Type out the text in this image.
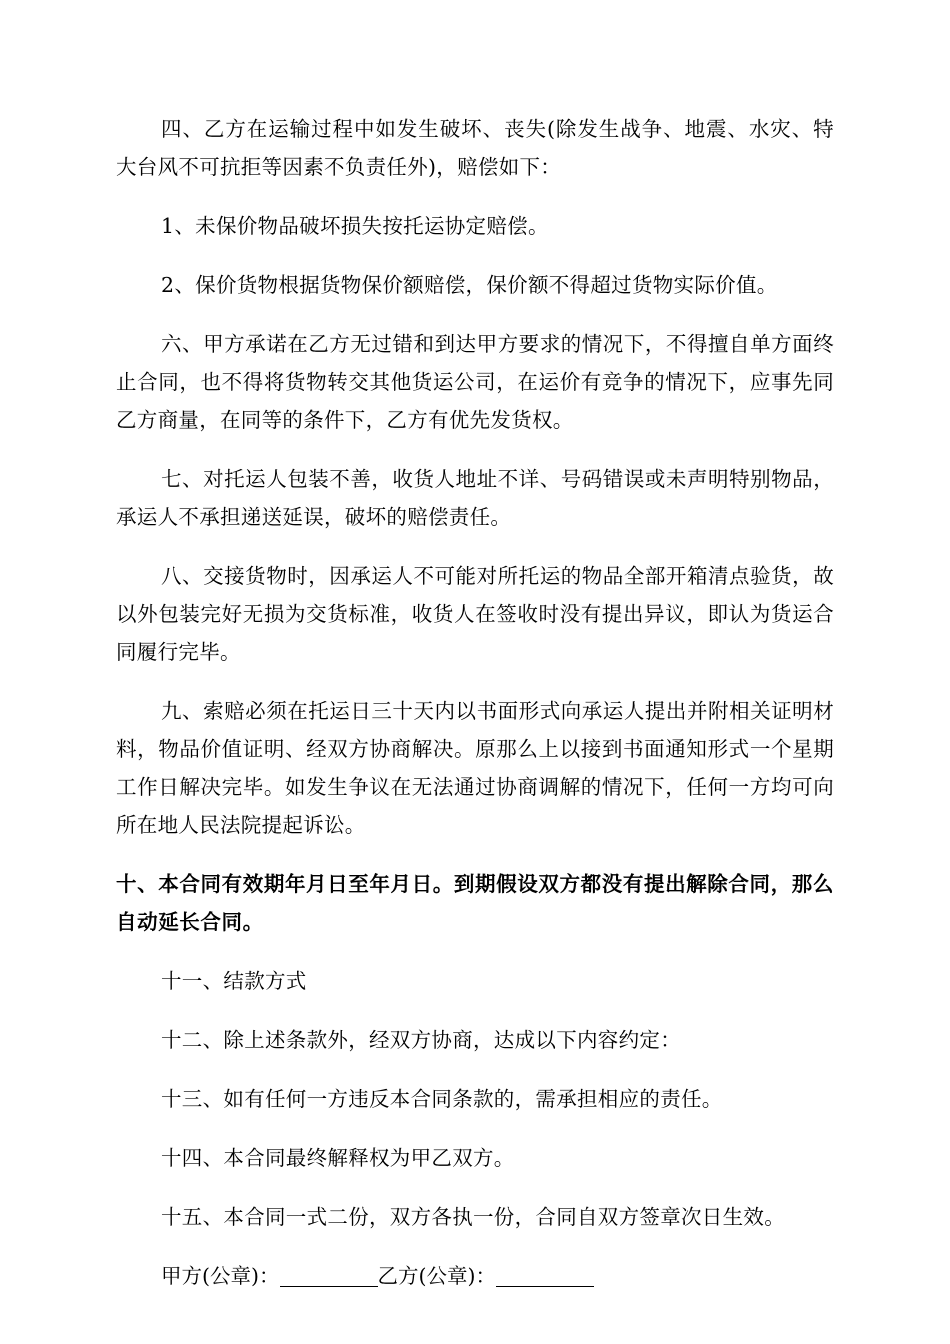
四、乙方在运输过程中如发生破坏、丧失(除发生战争、地震、水灾、特大台风不可抗拒等因素不负责任外)，赔偿如下：

1、未保价物品破坏损失按托运协定赔偿。

2、保价货物根据货物保价额赔偿，保价额不得超过货物实际价值。

六、甲方承诺在乙方无过错和到达甲方要求的情况下，不得擅自单方面终止合同，也不得将货物转交其他货运公司，在运价有竞争的情况下，应事先同乙方商量，在同等的条件下，乙方有优先发货权。

七、对托运人包装不善，收货人地址不详、号码错误或未声明特别物品，承运人不承担递送延误，破坏的赔偿责任。

八、交接货物时，因承运人不可能对所托运的物品全部开箱清点验货，故以外包装完好无损为交货标准，收货人在签收时没有提出异议，即认为货运合同履行完毕。

九、索赔必须在托运日三十天内以书面形式向承运人提出并附相关证明材料，物品价值证明、经双方协商解决。原那么上以接到书面通知形式一个星期工作日解决完毕。如发生争议在无法通过协商调解的情况下，任何一方均可向所在地人民法院提起诉讼。

十、本合同有效期年月日至年月日。到期假设双方都没有提出解除合同，那么自动延长合同。

十一、结款方式

十二、除上述条款外，经双方协商，达成以下内容约定：

十三、如有任何一方违反本合同条款的，需承担相应的责任。

十四、本合同最终解释权为甲乙双方。

十五、本合同一式二份，双方各执一份，合同自双方签章次日生效。

甲方(公章)：	乙方(公章)：
